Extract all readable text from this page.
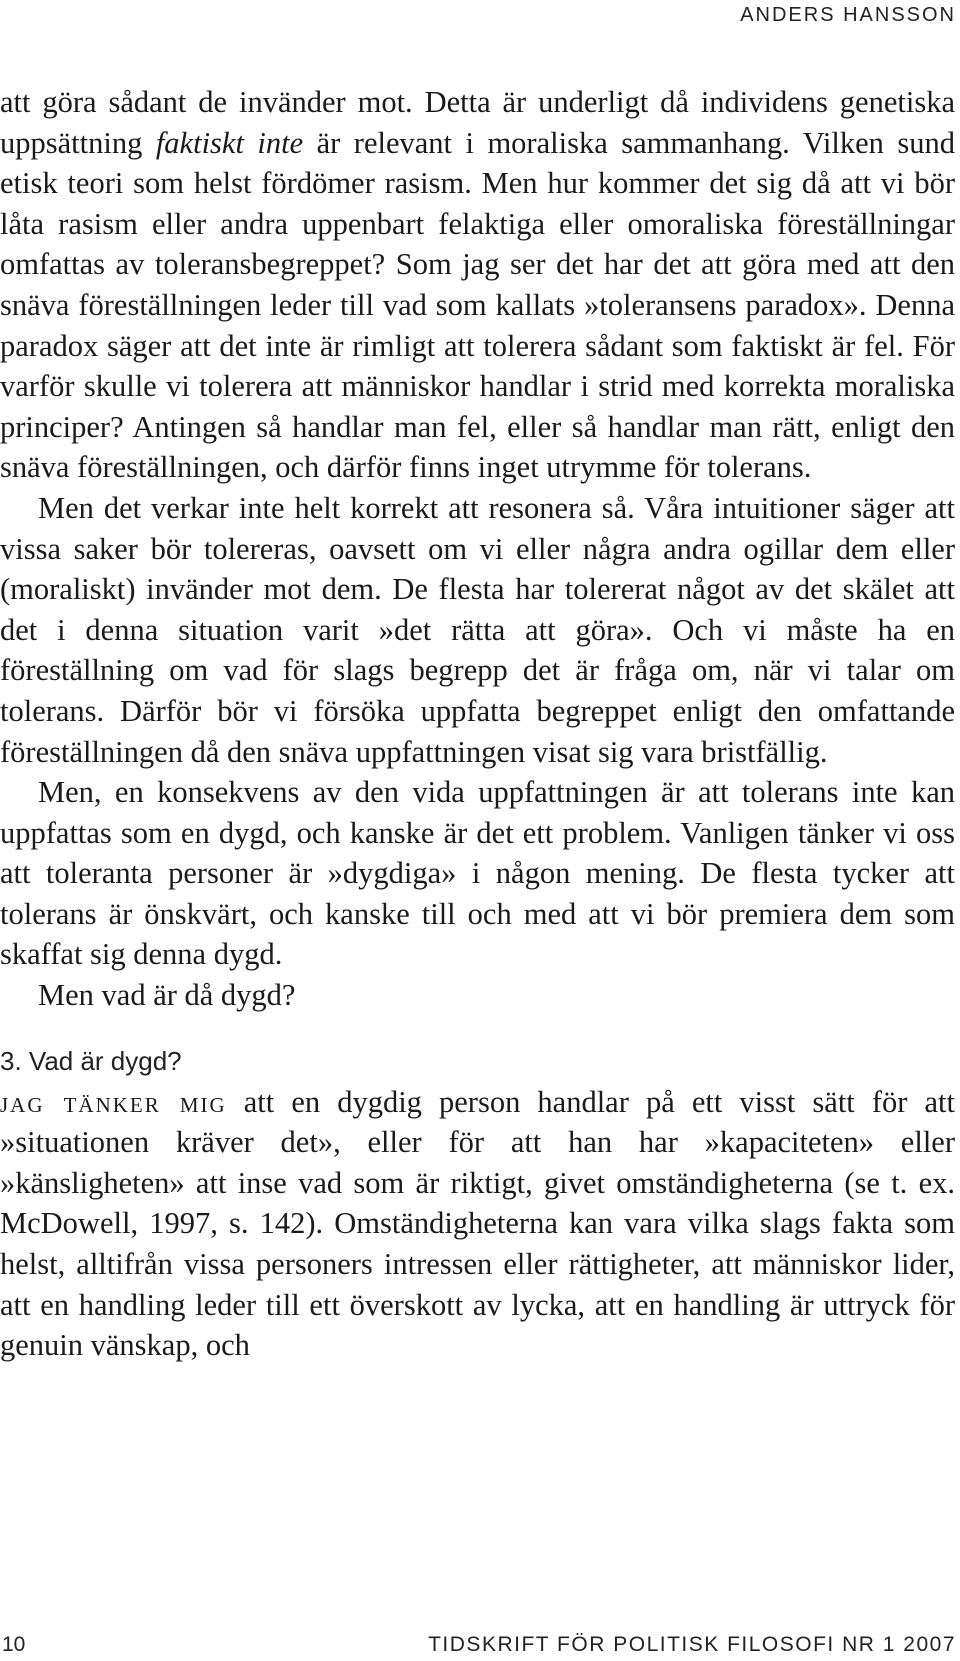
ANDERS HANSSON

att göra sådant de invänder mot. Detta är underligt då individens genetiska uppsättning faktiskt inte är relevant i moraliska sammanhang. Vilken sund etisk teori som helst fördömer rasism. Men hur kommer det sig då att vi bör låta rasism eller andra uppenbart felaktiga eller omoraliska föreställningar omfattas av toleransbegreppet? Som jag ser det har det att göra med att den snäva föreställningen leder till vad som kallats »toleransens paradox». Denna paradox säger att det inte är rimligt att tolerera sådant som faktiskt är fel. För varför skulle vi tolerera att människor handlar i strid med korrekta moraliska principer? Antingen så handlar man fel, eller så handlar man rätt, enligt den snäva föreställningen, och därför finns inget utrymme för tolerans.

Men det verkar inte helt korrekt att resonera så. Våra intuitioner säger att vissa saker bör tolereras, oavsett om vi eller några andra ogillar dem eller (moraliskt) invänder mot dem. De flesta har tolererat något av det skälet att det i denna situation varit »det rätta att göra». Och vi måste ha en föreställning om vad för slags begrepp det är fråga om, när vi talar om tolerans. Därför bör vi försöka uppfatta begreppet enligt den omfattande föreställningen då den snäva uppfattningen visat sig vara bristfällig.

Men, en konsekvens av den vida uppfattningen är att tolerans inte kan uppfattas som en dygd, och kanske är det ett problem. Vanligen tänker vi oss att toleranta personer är »dygdiga» i någon mening. De flesta tycker att tolerans är önskvärt, och kanske till och med att vi bör premiera dem som skaffat sig denna dygd.

Men vad är då dygd?

3. Vad är dygd?

jag tänker mig att en dygdig person handlar på ett visst sätt för att »situationen kräver det», eller för att han har »kapaciteten» eller »känsligheten» att inse vad som är riktigt, givet omständigheterna (se t. ex. McDowell, 1997, s. 142). Omständigheterna kan vara vilka slags fakta som helst, alltifrån vissa personers intressen eller rättigheter, att människor lider, att en handling leder till ett överskott av lycka, att en handling är uttryck för genuin vänskap, och

10	TIDSKRIFT FÖR POLITISK FILOSOFI NR 1 2007
